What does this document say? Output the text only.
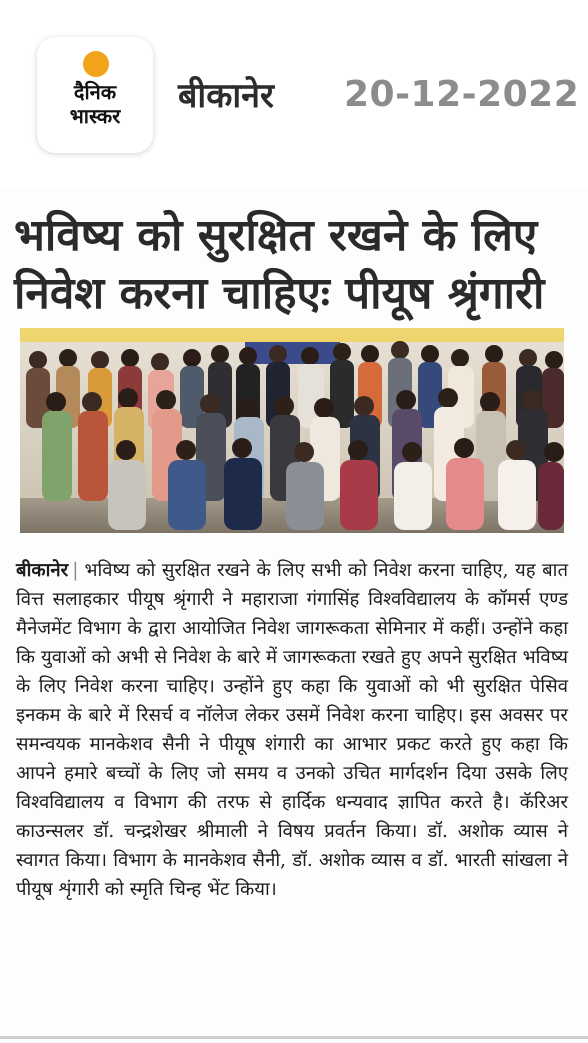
दैनिक
भास्कर	बीकानेर 20-12-2022
भविष्य को सुरक्षित रखने के लिए
निवेश करना चाहिएः पीयूष श्रृंगारी
बीकानेर | भविष्य को सुरक्षित रखने के लिए सभी को निवेश करना चाहिए, यह बात वित्त सलाहकार पीयूष श्रृंगारी ने महाराजा गंगासिंह विश्वविद्यालय के कॉमर्स एण्ड मैनेजमेंट विभाग के द्वारा आयोजित निवेश जागरूकता सेमिनार में कहीं। उन्होंने कहा कि युवाओं को अभी से निवेश के बारे में जागरूकता रखते हुए अपने सुरक्षित भविष्य के लिए निवेश करना चाहिए। उन्होंने हुए कहा कि युवाओं को भी सुरक्षित पेसिव इनकम के बारे में रिसर्च व नॉलेज लेकर उसमें निवेश करना चाहिए। इस अवसर पर समन्वयक मानकेशव सैनी ने पीयूष शंगारी का आभार प्रकट करते हुए कहा कि आपने हमारे बच्चों के लिए जो समय व उनको उचित मार्गदर्शन दिया उसके लिए विश्वविद्यालय व विभाग की तरफ से हार्दिक धन्यवाद ज्ञापित करते है। कॅरिअर काउन्सलर डॉ. चन्द्रशेखर श्रीमाली ने विषय प्रवर्तन किया। डॉ. अशोक व्यास ने स्वागत किया। विभाग के मानकेशव सैनी, डॉ. अशोक व्यास व डॉ. भारती सांखला ने पीयूष शृंगारी को स्मृति चिन्ह भेंट किया।
